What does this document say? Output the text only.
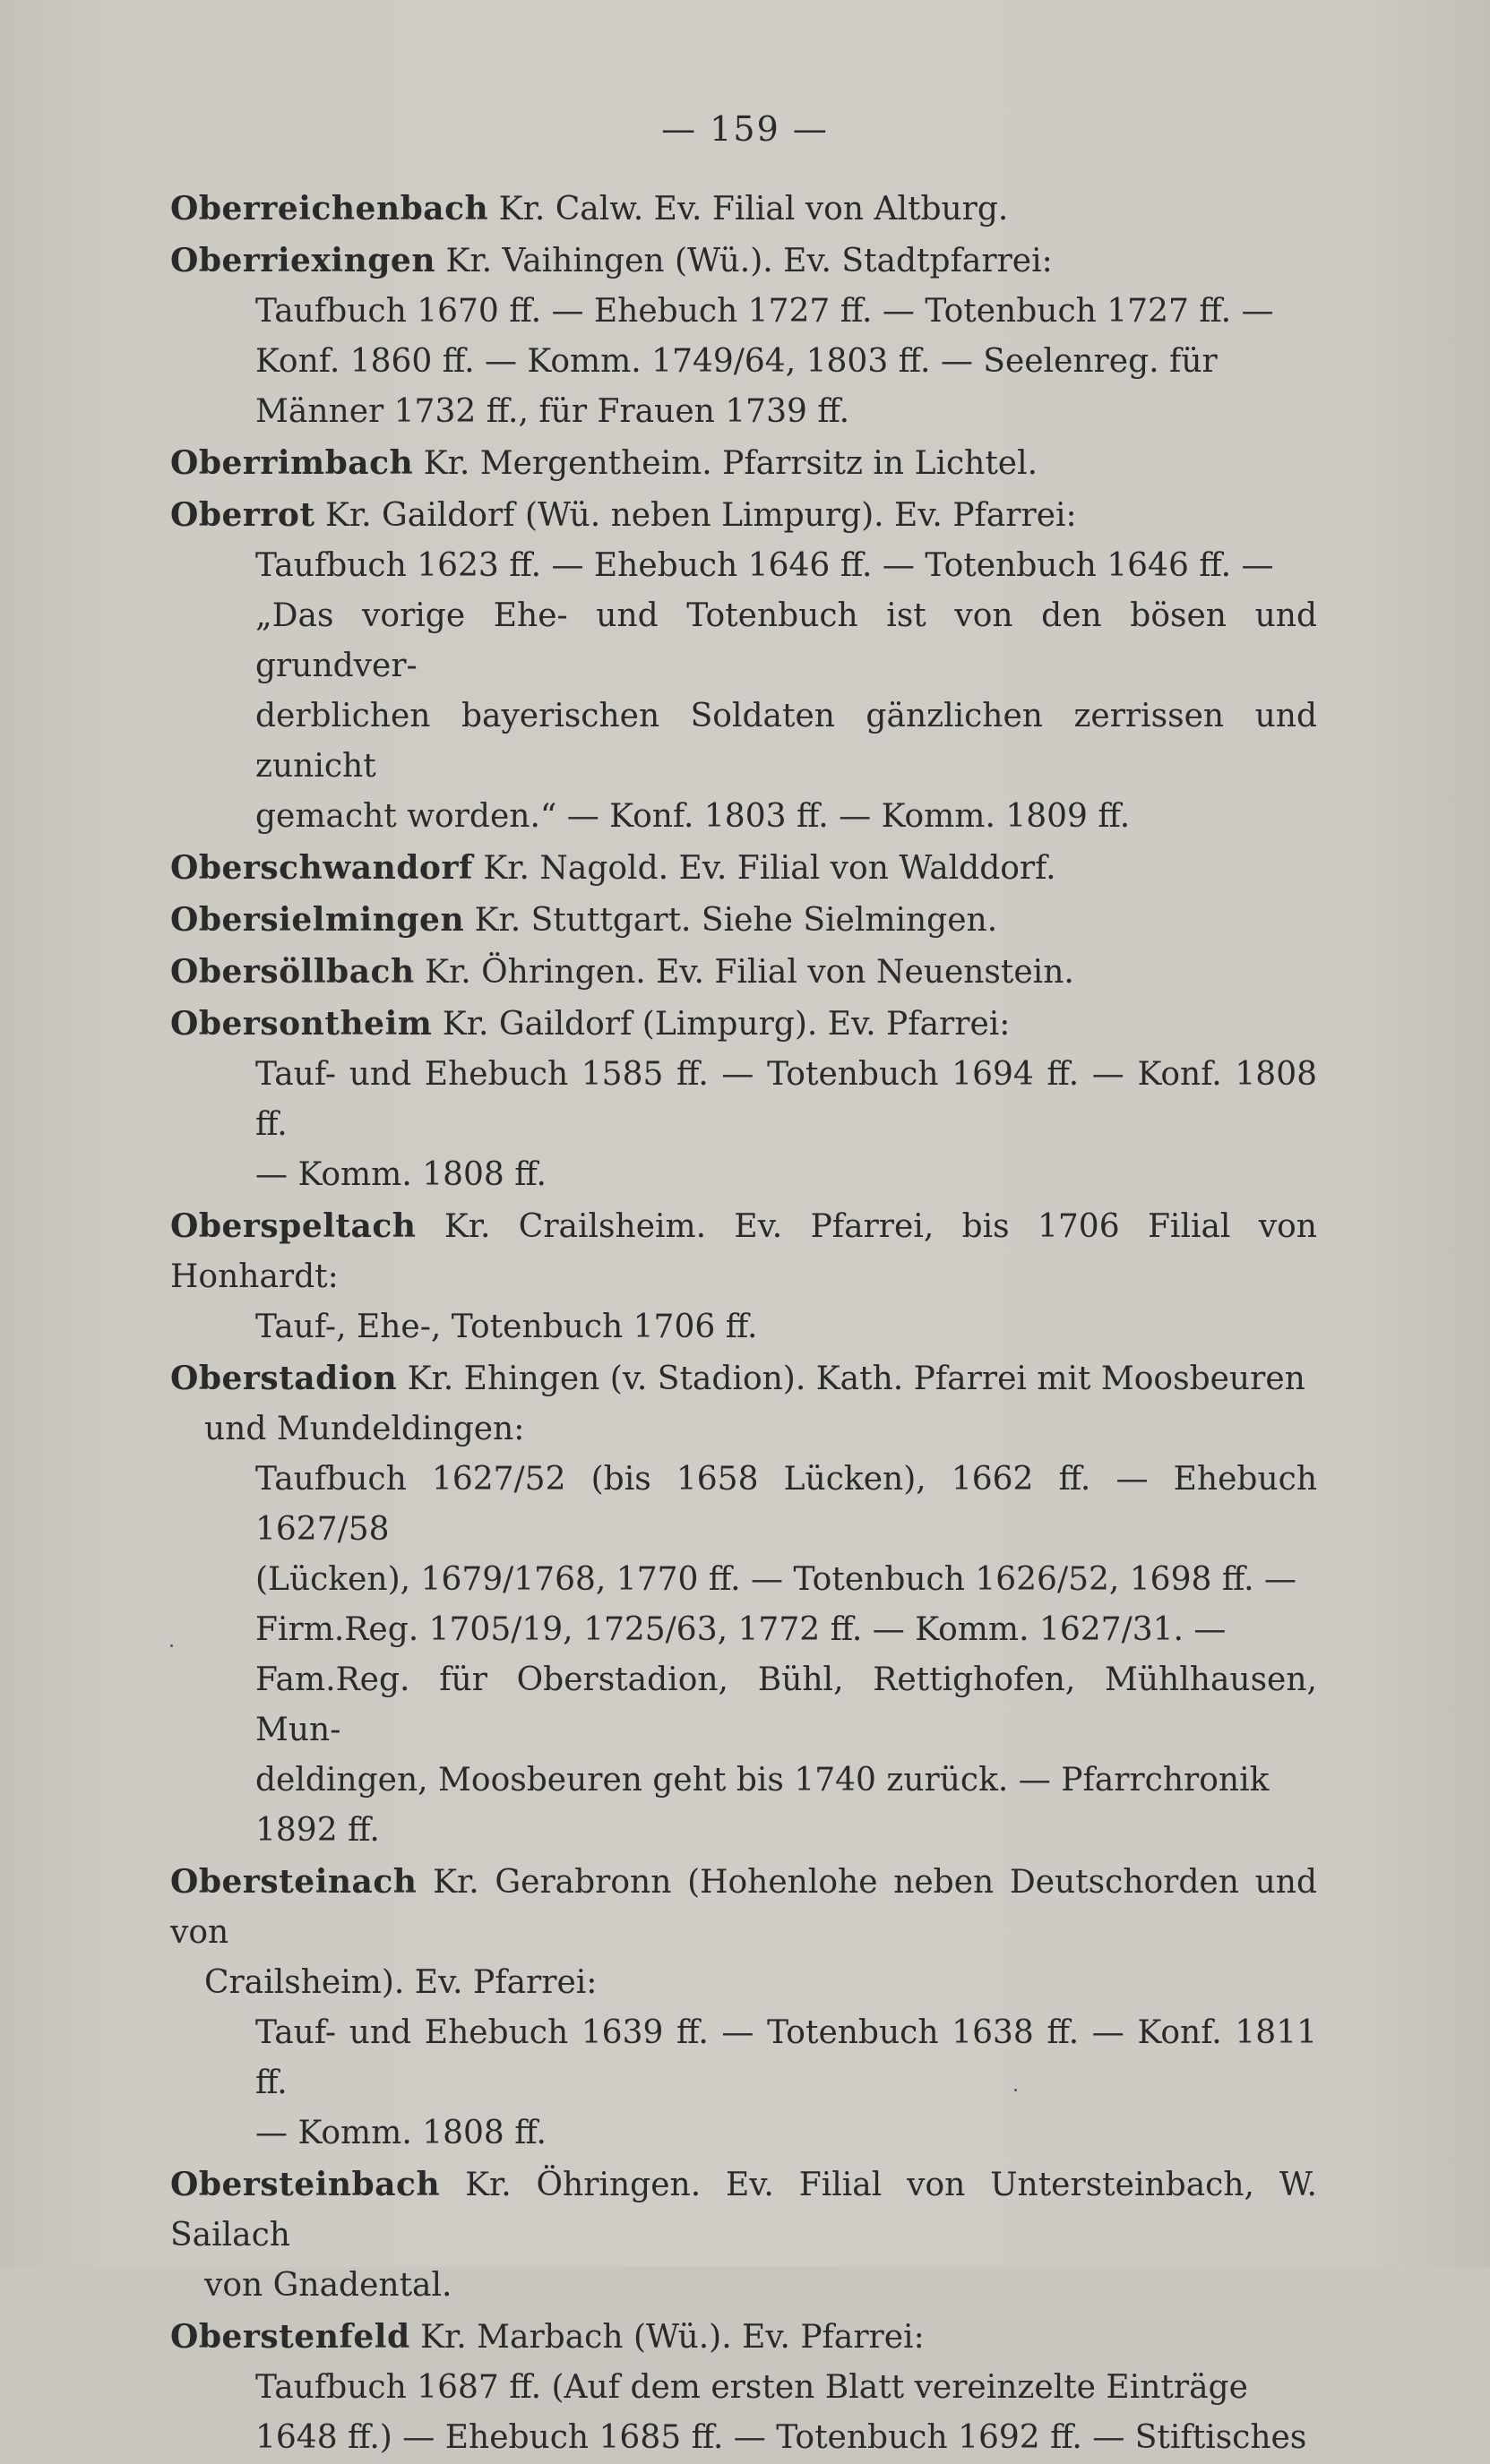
— 159 —
Oberreichenbach Kr. Calw. Ev. Filial von Altburg.
Oberriexingen Kr. Vaihingen (Wü.). Ev. Stadtpfarrei:
Taufbuch 1670 ff. — Ehebuch 1727 ff. — Totenbuch 1727 ff. —
Konf. 1860 ff. — Komm. 1749/64, 1803 ff. — Seelenreg. für
Männer 1732 ff., für Frauen 1739 ff.
Oberrimbach Kr. Mergentheim. Pfarrsitz in Lichtel.
Oberrot Kr. Gaildorf (Wü. neben Limpurg). Ev. Pfarrei:
Taufbuch 1623 ff. — Ehebuch 1646 ff. — Totenbuch 1646 ff. —
„Das vorige Ehe- und Totenbuch ist von den bösen und grundver-
derblichen bayerischen Soldaten gänzlichen zerrissen und zunicht
gemacht worden.“ — Konf. 1803 ff. — Komm. 1809 ff.
Oberschwandorf Kr. Nagold. Ev. Filial von Walddorf.
Obersielmingen Kr. Stuttgart. Siehe Sielmingen.
Obersöllbach Kr. Öhringen. Ev. Filial von Neuenstein.
Obersontheim Kr. Gaildorf (Limpurg). Ev. Pfarrei:
Tauf- und Ehebuch 1585 ff. — Totenbuch 1694 ff. — Konf. 1808 ff.
— Komm. 1808 ff.
Oberspeltach Kr. Crailsheim. Ev. Pfarrei, bis 1706 Filial von Honhardt:
Tauf-, Ehe-, Totenbuch 1706 ff.
Oberstadion Kr. Ehingen (v. Stadion). Kath. Pfarrei mit Moosbeuren
und Mundeldingen:
Taufbuch 1627/52 (bis 1658 Lücken), 1662 ff. — Ehebuch 1627/58
(Lücken), 1679/1768, 1770 ff. — Totenbuch 1626/52, 1698 ff. —
Firm.Reg. 1705/19, 1725/63, 1772 ff. — Komm. 1627/31. —
Fam.Reg. für Oberstadion, Bühl, Rettighofen, Mühlhausen, Mun-
deldingen, Moosbeuren geht bis 1740 zurück. — Pfarrchronik
1892 ff.
Obersteinach Kr. Gerabronn (Hohenlohe neben Deutschorden und von
Crailsheim). Ev. Pfarrei:
Tauf- und Ehebuch 1639 ff. — Totenbuch 1638 ff. — Konf. 1811 ff.
— Komm. 1808 ff.
Obersteinbach Kr. Öhringen. Ev. Filial von Untersteinbach, W. Sailach
von Gnadental.
Oberstenfeld Kr. Marbach (Wü.). Ev. Pfarrei:
Taufbuch 1687 ff. (Auf dem ersten Blatt vereinzelte Einträge
1648 ff.) — Ehebuch 1685 ff. — Totenbuch 1692 ff. — Stiftisches
